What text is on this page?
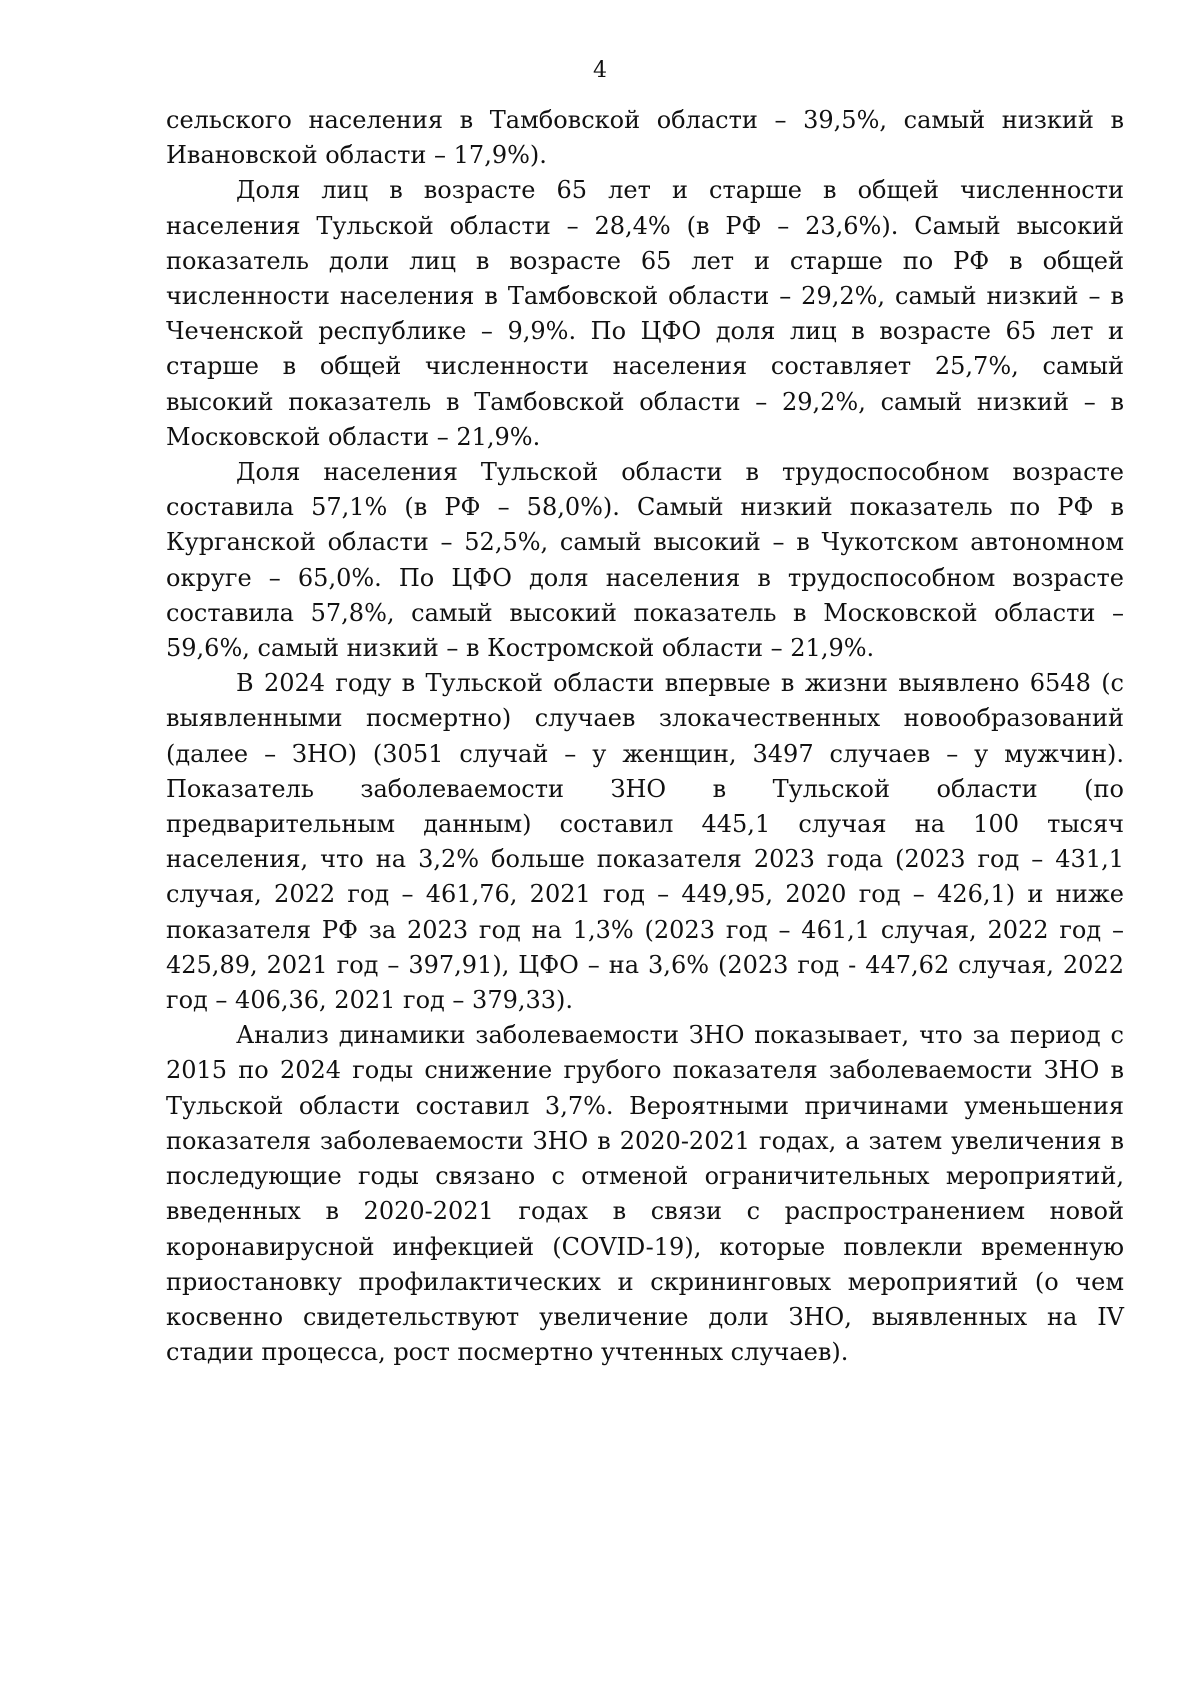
4

сельского населения в Тамбовской области – 39,5%, самый низкий в Ивановской области – 17,9%).

Доля лиц в возрасте 65 лет и старше в общей численности населения Тульской области – 28,4% (в РФ – 23,6%). Самый высокий показатель доли лиц в возрасте 65 лет и старше по РФ в общей численности населения в Тамбовской области – 29,2%, самый низкий – в Чеченской республике – 9,9%. По ЦФО доля лиц в возрасте 65 лет и старше в общей численности населения составляет 25,7%, самый высокий показатель в Тамбовской области – 29,2%, самый низкий – в Московской области – 21,9%.

Доля населения Тульской области в трудоспособном возрасте составила 57,1% (в РФ – 58,0%). Самый низкий показатель по РФ в Курганской области – 52,5%, самый высокий – в Чукотском автономном округе – 65,0%. По ЦФО доля населения в трудоспособном возрасте составила 57,8%, самый высокий показатель в Московской области – 59,6%, самый низкий – в Костромской области – 21,9%.

В 2024 году в Тульской области впервые в жизни выявлено 6548 (с выявленными посмертно) случаев злокачественных новообразований (далее – ЗНО) (3051 случай – у женщин, 3497 случаев – у мужчин). Показатель заболеваемости ЗНО в Тульской области (по предварительным данным) составил 445,1 случая на 100 тысяч населения, что на 3,2% больше показателя 2023 года (2023 год – 431,1 случая, 2022 год – 461,76, 2021 год – 449,95, 2020 год – 426,1) и ниже показателя РФ за 2023 год на 1,3% (2023 год – 461,1 случая, 2022 год – 425,89, 2021 год – 397,91), ЦФО – на 3,6% (2023 год - 447,62 случая, 2022 год – 406,36, 2021 год – 379,33).

Анализ динамики заболеваемости ЗНО показывает, что за период с 2015 по 2024 годы снижение грубого показателя заболеваемости ЗНО в Тульской области составил 3,7%. Вероятными причинами уменьшения показателя заболеваемости ЗНО в 2020-2021 годах, а затем увеличения в последующие годы связано с отменой ограничительных мероприятий, введенных в 2020-2021 годах в связи с распространением новой коронавирусной инфекцией (COVID-19), которые повлекли временную приостановку профилактических и скрининговых мероприятий (о чем косвенно свидетельствуют увеличение доли ЗНО, выявленных на IV стадии процесса, рост посмертно учтенных случаев).
